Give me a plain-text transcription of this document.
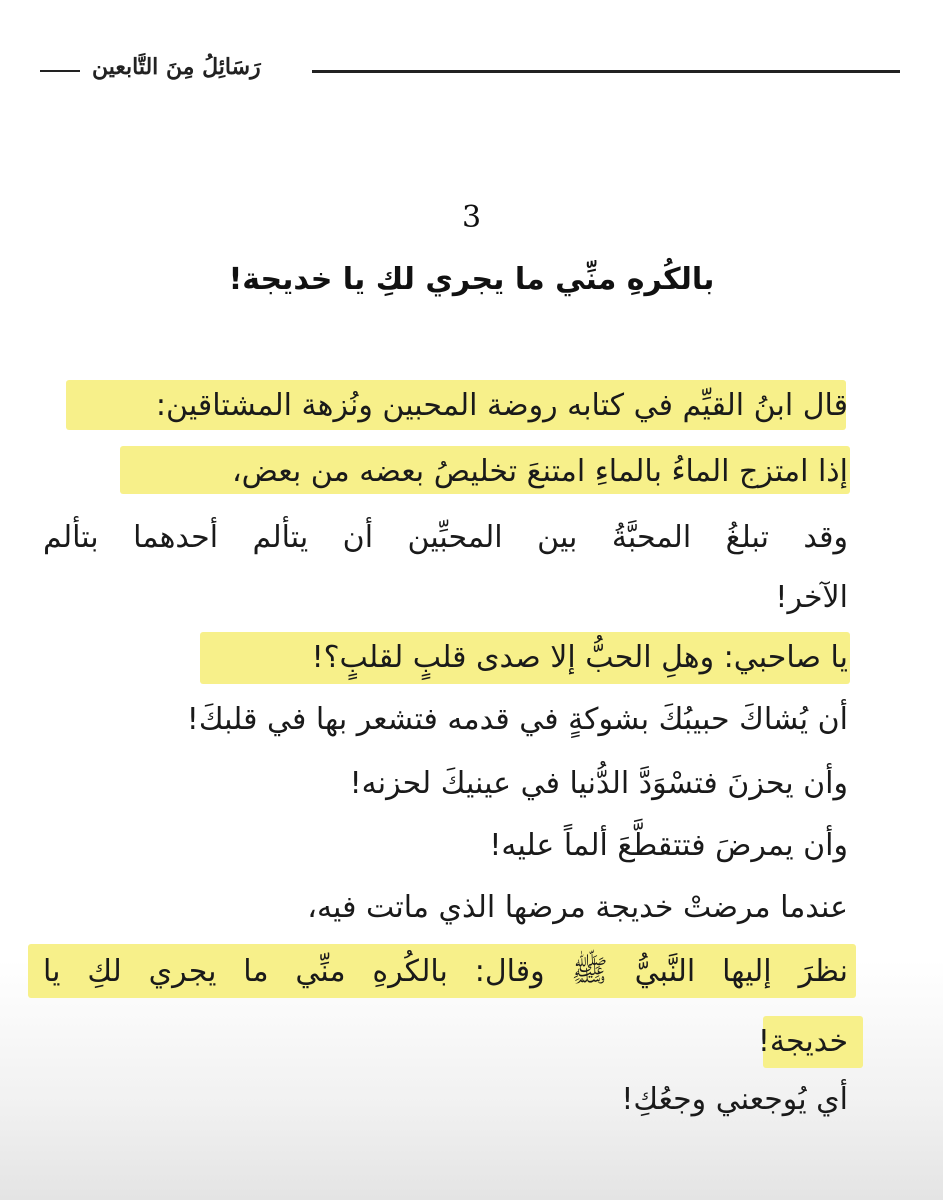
رَسَائِلُ مِنَ التَّابعين
3
بالكُرهِ منِّي ما يجري لكِ يا خديجة!
قال ابنُ القيِّم في كتابه روضة المحبين ونُزهة المشتاقين:
إذا امتزج الماءُ بالماءِ امتنعَ تخليصُ بعضه من بعض،
وقد تبلغُ المحبَّةُ بين المحبِّين أن يتألم أحدهما بتألم
الآخر!
يا صاحبي: وهلِ الحبُّ إلا صدى قلبٍ لقلبٍ؟!
أن يُشاكَ حبيبُكَ بشوكةٍ في قدمه فتشعر بها في قلبكَ!
وأن يحزنَ فتسْوَدَّ الدُّنيا في عينيكَ لحزنه!
وأن يمرضَ فتتقطَّعَ ألماً عليه!
عندما مرضتْ خديجة مرضها الذي ماتت فيه،
نظرَ إليها النَّبيُّ ﷺ وقال: بالكُرهِ منِّي ما يجري لكِ يا
خديجة!
أي يُوجعني وجعُكِ!
